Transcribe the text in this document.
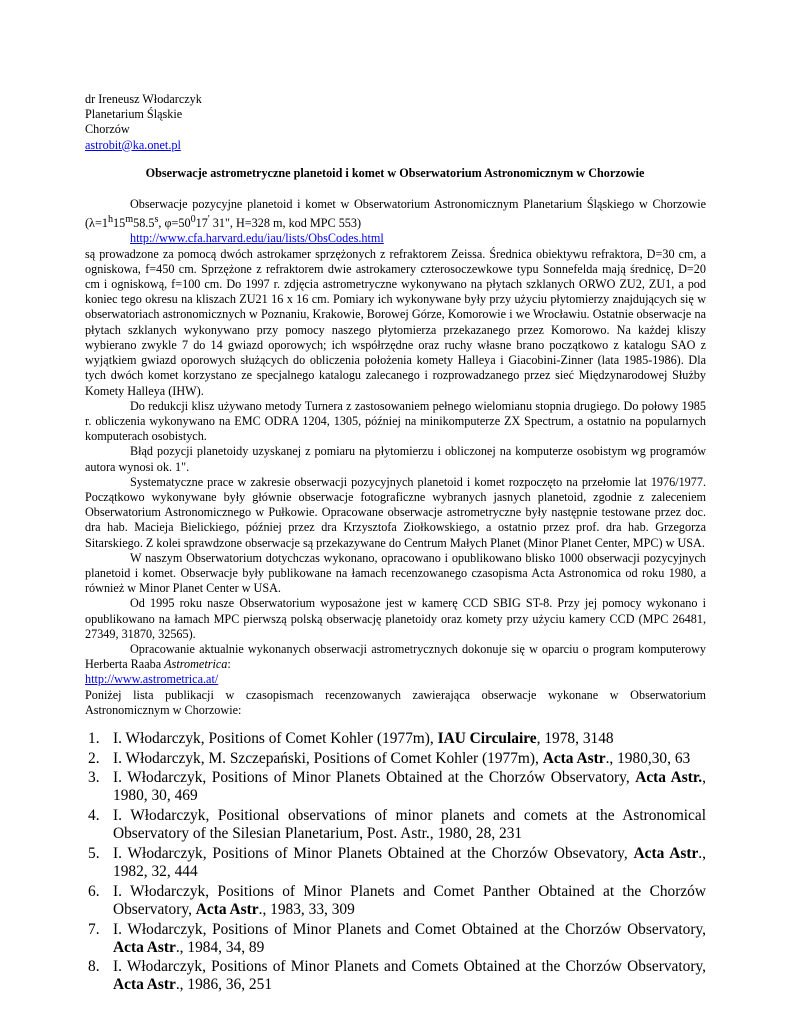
dr Ireneusz Włodarczyk
Planetarium Śląskie
Chorzów
astrobit@ka.onet.pl
Obserwacje astrometryczne planetoid i komet w Obserwatorium Astronomicznym w Chorzowie

Obserwacje pozycyjne planetoid i komet w Obserwatorium Astronomicznym Planetarium Śląskiego w Chorzowie ($\lambda=1^h15^m58.5^s$, $\varphi=50^017'$ 31", H=328 m, kod MPC 553)

http://www.cfa.harvard.edu/iau/lists/ObsCodes.html

są prowadzone za pomocą dwóch astrokamer sprzężonych z refraktorem Zeissa. Średnica obiektywu refraktora, D=30 cm, a ogniskowa, f=450 cm. Sprzężone z refraktorem dwie astrokamery czterosoczewkowe typu Sonnefelda mają średnicę, D=20 cm i ogniskową, f=100 cm. Do 1997 r. zdjęcia astrometryczne wykonywano na płytach szklanych ORWO ZU2, ZU1, a pod koniec tego okresu na kliszach ZU21 16 x 16 cm. Pomiary ich wykonywane były przy użyciu płytomierzy znajdujących się w obserwatoriach astronomicznych w Poznaniu, Krakowie, Borowej Górze, Komorowie i we Wrocławiu. Ostatnie obserwacje na płytach szklanych wykonywano przy pomocy naszego płytomierza przekazanego przez Komorowo. Na każdej kliszy wybierano zwykle 7 do 14 gwiazd oporowych; ich współrzędne oraz ruchy własne brano początkowo z katalogu SAO z wyjątkiem gwiazd oporowych służących do obliczenia położenia komety Halleya i Giacobini-Zinner (lata 1985-1986). Dla tych dwóch komet korzystano ze specjalnego katalogu zalecanego i rozprowadzanego przez sieć Międzynarodowej Służby Komety Halleya (IHW).

Do redukcji klisz używano metody Turnera z zastosowaniem pełnego wielomianu stopnia drugiego. Do połowy 1985 r. obliczenia wykonywano na EMC ODRA 1204, 1305, później na minikomputerze ZX Spectrum, a ostatnio na popularnych komputerach osobistych.

Błąd pozycji planetoidy uzyskanej z pomiaru na płytomierzu i obliczonej na komputerze osobistym wg programów autora wynosi ok. 1".

Systematyczne prace w zakresie obserwacji pozycyjnych planetoid i komet rozpoczęto na przełomie lat 1976/1977. Początkowo wykonywane były głównie obserwacje fotograficzne wybranych jasnych planetoid, zgodnie z zaleceniem Obserwatorium Astronomicznego w Pułkowie. Opracowane obserwacje astrometryczne były następnie testowane przez doc. dra hab. Macieja Bielickiego, później przez dra Krzysztofa Ziołkowskiego, a ostatnio przez prof. dra hab. Grzegorza Sitarskiego. Z kolei sprawdzone obserwacje są przekazywane do Centrum Małych Planet (Minor Planet Center, MPC) w USA.

W naszym Obserwatorium dotychczas wykonano, opracowano i opublikowano blisko 1000 obserwacji pozycyjnych planetoid i komet. Obserwacje były publikowane na łamach recenzowanego czasopisma Acta Astronomica od roku 1980, a również w Minor Planet Center w USA.

Od 1995 roku nasze Obserwatorium wyposażone jest w kamerę CCD SBIG ST-8. Przy jej pomocy wykonano i opublikowano na łamach MPC pierwszą polską obserwację planetoidy oraz komety przy użyciu kamery CCD (MPC 26481, 27349, 31870, 32565).

Opracowanie aktualnie wykonanych obserwacji astrometrycznych dokonuje się w oparciu o program komputerowy Herberta Raaba Astrometrica:

http://www.astrometrica.at/

Poniżej lista publikacji w czasopismach recenzowanych zawierająca obserwacje wykonane w Obserwatorium Astronomicznym w Chorzowie:

1. I. Włodarczyk, Positions of Comet Kohler (1977m), IAU Circulaire, 1978, 3148
2. I. Włodarczyk, M. Szczepański, Positions of Comet Kohler (1977m), Acta Astr., 1980,30, 63
3. I. Włodarczyk, Positions of Minor Planets Obtained at the Chorzów Observatory, Acta Astr., 1980, 30, 469
4. I. Włodarczyk, Positional observations of minor planets and comets at the Astronomical Observatory of the Silesian Planetarium, Post. Astr., 1980, 28, 231
5. I. Włodarczyk, Positions of Minor Planets Obtained at the Chorzów Obsevatory, Acta Astr., 1982, 32, 444
6. I. Włodarczyk, Positions of Minor Planets and Comet Panther Obtained at the Chorzów Observatory, Acta Astr., 1983, 33, 309
7. I. Włodarczyk, Positions of Minor Planets and Comet Obtained at the Chorzów Observatory, Acta Astr., 1984, 34, 89
8. I. Włodarczyk, Positions of Minor Planets and Comets Obtained at the Chorzów Observatory, Acta Astr., 1986, 36, 251
